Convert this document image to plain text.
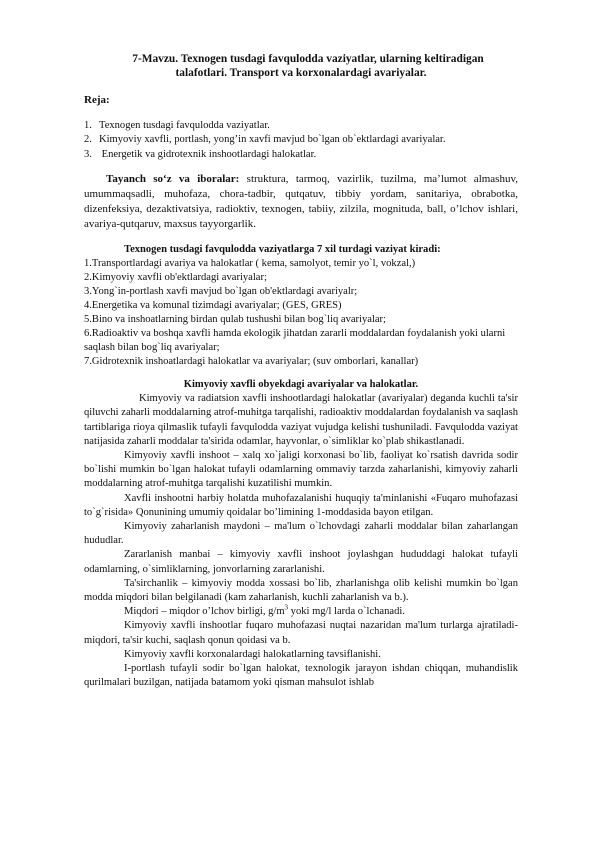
7-Mavzu. Texnogen tusdagi favqulodda vaziyatlar, ularning keltiradigan
talafotlari. Transport va korxonalardagi avariyalar.
Reja:
1. Texnogen tusdagi favqulodda vaziyatlar.
2. Kimyoviy xavfli, portlash, yong’in xavfi mavjud bo`lgan ob`ektlardagi avariyalar.
3. Energetik va gidrotexnik inshootlardagi halokatlar.

Tayanch so‘z va iboralar: struktura, tarmoq, vazirlik, tuzilma, ma’lumot almashuv, umummaqsadli, muhofaza, chora-tadbir, qutqatuv, tibbiy yordam, sanitariya, obrabotka, dizenfeksiya, dezaktivatsiya, radioktiv, texnogen, tabiiy, zilzila, mognituda, ball, o’lchov ishlari, avariya-qutqaruv, maxsus tayyorgarlik.

Texnogen tusdagi favqulodda vaziyatlarga 7 xil turdagi vaziyat kiradi:
1.Transportlardagi avariya va halokatlar ( kema, samolyot, temir yo`l, vokzal,)
2.Kimyoviy xavfli ob'ektlardagi avariyalar;
3.Yong`in-portlash xavfi mavjud bo`lgan ob'ektlardagi avariyalr;
4.Energetika va komunal tizimdagi avariyalar; (GES, GRES)
5.Bino va inshoatlarning birdan qulab tushushi bilan bog`liq avariyalar;
6.Radioaktiv va boshqa xavfli hamda ekologik jihatdan zararli moddalardan foydalanish yoki ularni saqlash bilan bog`liq avariyalar;
7.Gidrotexnik inshoatlardagi halokatlar va avariyalar; (suv omborlari, kanallar)
Kimyoviy xavfli obyekdagi avariyalar va halokatlar.

Kimyoviy va radiatsion xavfli inshootlardagi halokatlar (avariyalar) deganda kuchli ta'sir qiluvchi zaharli moddalarning atrof-muhitga tarqalishi, radioaktiv moddalardan foydalanish va saqlash tartiblariga rioya qilmaslik tufayli favqulodda vaziyat vujudga kelishi tushuniladi. Favqulodda vaziyat natijasida zaharli moddalar ta'sirida odamlar, hayvonlar, o`simliklar ko`plab shikastlanadi.

Kimyoviy xavfli inshoot – xalq xo`jaligi korxonasi bo`lib, faoliyat ko`rsatish davrida sodir bo`lishi mumkin bo`lgan halokat tufayli odamlarning ommaviy tarzda zaharlanishi, kimyoviy zaharli moddalarning atrof-muhitga tarqalishi kuzatilishi mumkin.

Xavfli inshootni harbiy holatda muhofazalanishi huquqiy ta'minlanishi «Fuqaro muhofazasi to`g`risida» Qonunining umumiy qoidalar bo’limining 1-moddasida bayon etilgan.

Kimyoviy zaharlanish maydoni – ma'lum o`lchovdagi zaharli moddalar bilan zaharlangan hududlar.

Zararlanish manbai – kimyoviy xavfli inshoot joylashgan hududdagi halokat tufayli odamlarning, o`simliklarning, jonvorlarning zararlanishi.

Ta'sirchanlik – kimyoviy modda xossasi bo`lib, zharlanishga olib kelishi mumkin bo`lgan modda miqdori bilan belgilanadi (kam zaharlanish, kuchli zaharlanish va b.).

Miqdori – miqdor o’lchov birligi, $g/m^3$ yoki mg/l larda o`lchanadi.

Kimyoviy xavfli inshootlar fuqaro muhofazasi nuqtai nazaridan ma'lum turlarga ajratiladi-miqdori, ta'sir kuchi, saqlash qonun qoidasi va b.

Kimyoviy xavfli korxonalardagi halokatlarning tavsiflanishi.

I-portlash tufayli sodir bo`lgan halokat, texnologik jarayon ishdan chiqqan, muhandislik qurilmalari buzilgan, natijada batamom yoki qisman mahsulot ishlab
